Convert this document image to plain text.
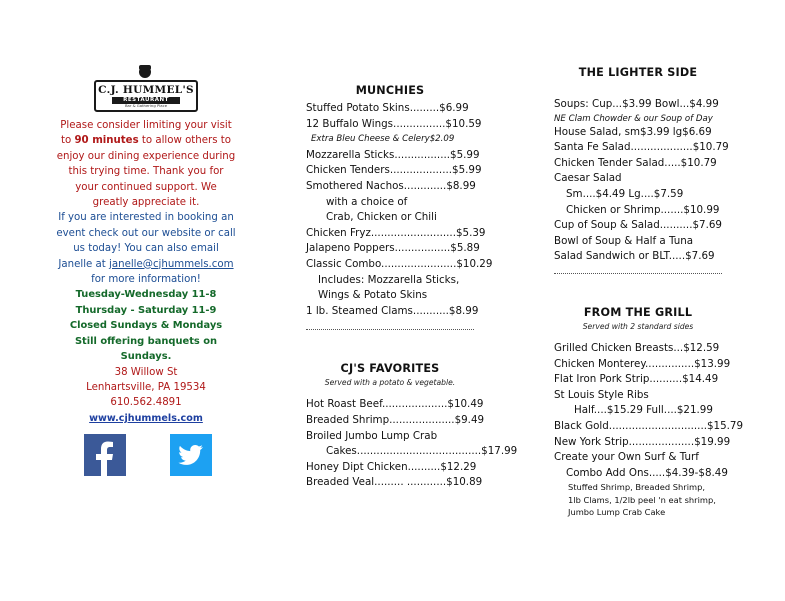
C.J. HUMMEL'S
RESTAURANT
Bar & Gathering Place
Please consider limiting your visit to 90 minutes to allow others to enjoy our dining experience during this trying time. Thank you for your continued support. We greatly appreciate it.
If you are interested in booking an event check out our website or call us today! You can also email Janelle at janelle@cjhummels.com for more information!
Tuesday-Wednesday 11-8
Thursday - Saturday 11-9
Closed Sundays & Mondays
Still offering banquets on Sundays.
38 Willow St
Lenhartsville, PA 19534
610.562.4891
www.cjhummels.com
MUNCHIES
Stuffed Potato Skins.........$6.99
12 Buffalo Wings................$10.59
Extra Bleu Cheese & Celery$2.09
Mozzarella Sticks.................$5.99
Chicken Tenders...................$5.99
Smothered Nachos.............$8.99
with a choice of
Crab, Chicken or Chili
Chicken Fryz..........................$5.39
Jalapeno Poppers.................$5.89
Classic Combo.......................$10.29
Includes: Mozzarella Sticks,
Wings & Potato Skins
1 lb. Steamed Clams...........$8.99
CJ'S FAVORITES
Served with a potato & vegetable.
Hot Roast Beef....................$10.49
Breaded Shrimp....................$9.49
Broiled Jumbo Lump Crab
Cakes......................................$17.99
Honey Dipt Chicken..........$12.29
Breaded Veal......... ............$10.89
THE LIGHTER SIDE
Soups: Cup...$3.99 Bowl...$4.99
NE Clam Chowder & our Soup of Day
House Salad, sm$3.99 lg$6.69
Santa Fe Salad...................$10.79
Chicken Tender Salad.....$10.79
Caesar Salad
Sm....$4.49 Lg....$7.59
Chicken or Shrimp.......$10.99
Cup of Soup & Salad..........$7.69
Bowl of Soup & Half a Tuna
Salad Sandwich or BLT.....$7.69
FROM THE GRILL
Served with 2 standard sides
Grilled Chicken Breasts...$12.59
Chicken Monterey...............$13.99
Flat Iron Pork Strip..........$14.49
St Louis Style Ribs
Half....$15.29 Full....$21.99
Black Gold..............................$15.79
New York Strip....................$19.99
Create your Own Surf & Turf
Combo Add Ons.....$4.39-$8.49
Stuffed Shrimp, Breaded Shrimp,
1lb Clams, 1/2lb peel 'n eat shrimp,
Jumbo Lump Crab Cake
